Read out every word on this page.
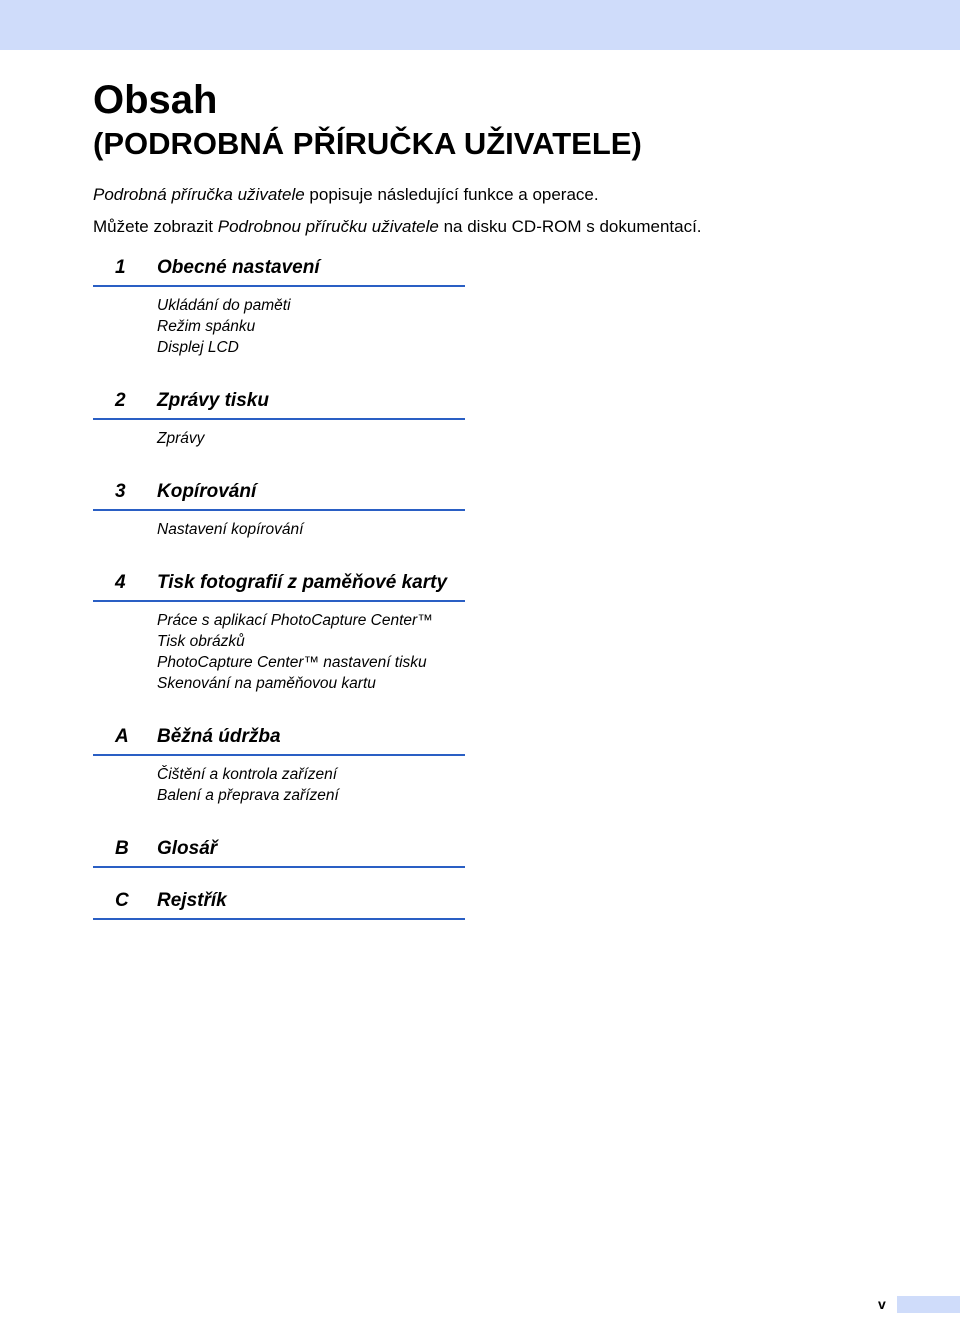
Obsah
(PODROBNÁ PŘÍRUČKA UŽIVATELE)

Podrobná příručka uživatele popisuje následující funkce a operace.

Můžete zobrazit Podrobnou příručku uživatele na disku CD-ROM s dokumentací.

1	Obecné nastavení
Ukládání do paměti
Režim spánku
Displej LCD
2	Zprávy tisku
Zprávy
3	Kopírování
Nastavení kopírování
4	Tisk fotografií z paměňové karty
Práce s aplikací PhotoCapture Center™
Tisk obrázků
PhotoCapture Center™ nastavení tisku
Skenování na paměňovou kartu
A	Běžná údržba
Čištění a kontrola zařízení
Balení a přeprava zařízení
B	Glosář
C	Rejstřík
v
